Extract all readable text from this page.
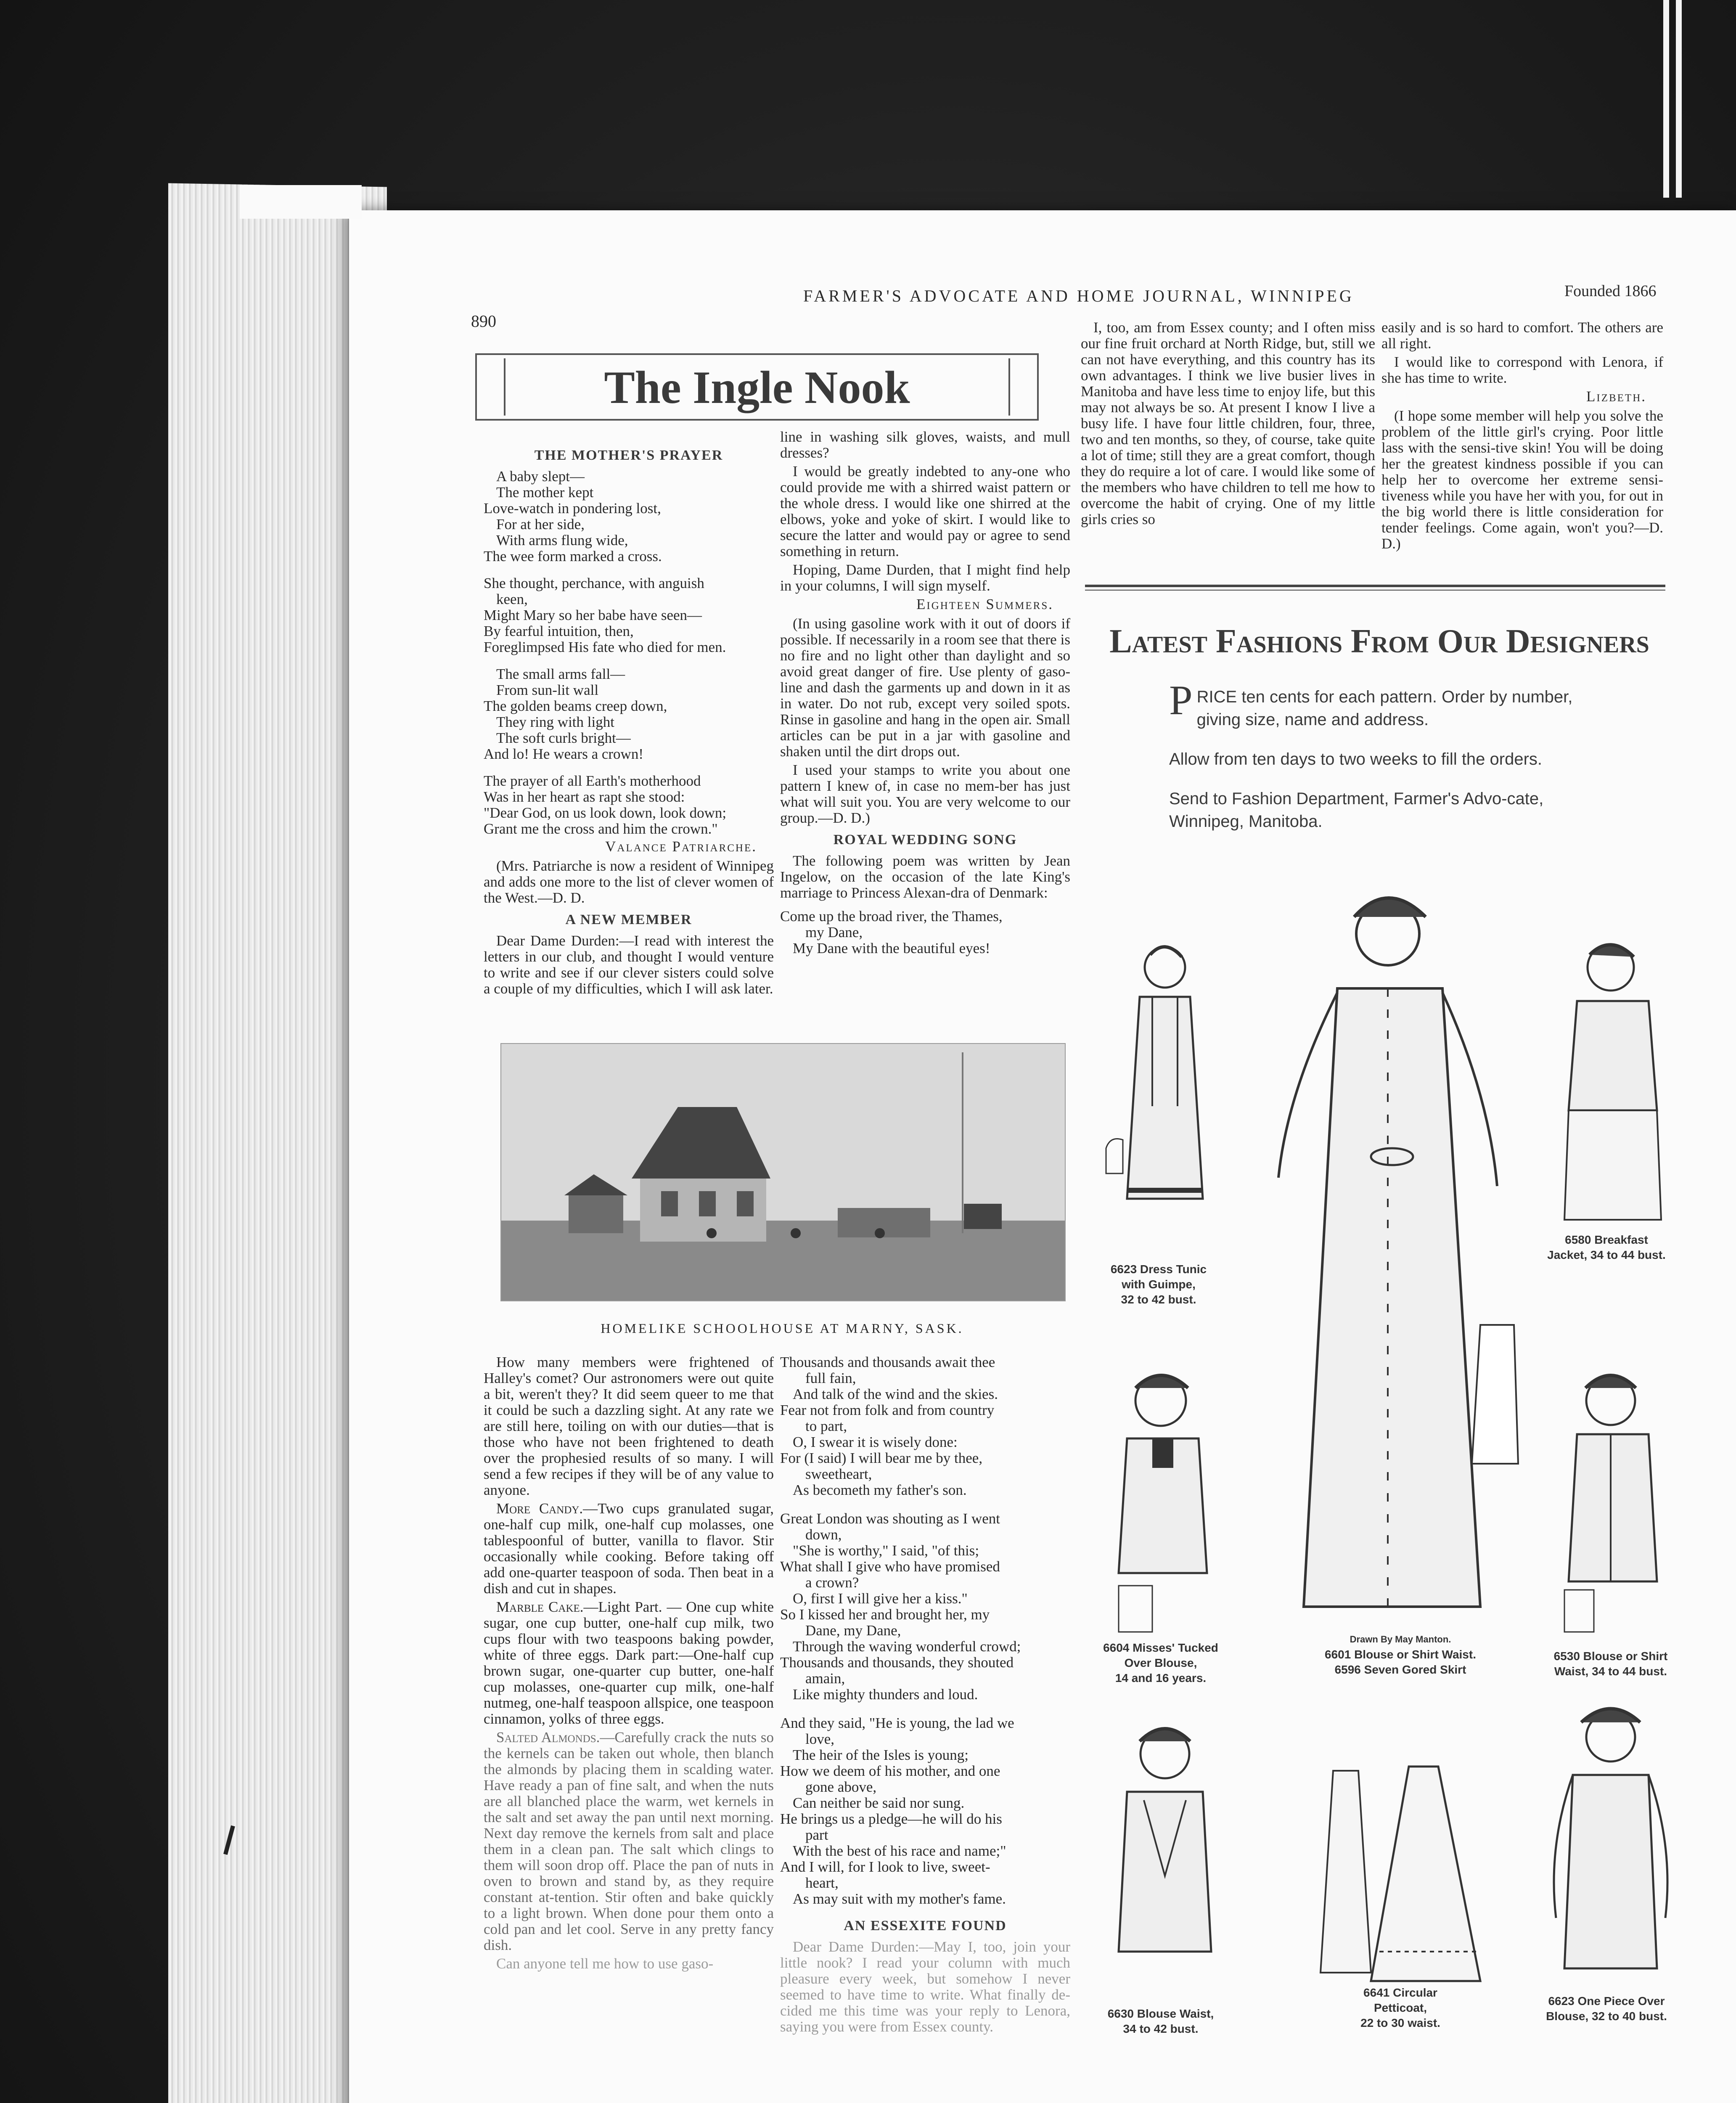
890
FARMER'S ADVOCATE AND HOME JOURNAL, WINNIPEG	Founded 1866
The Ingle Nook
THE MOTHER'S PRAYER
A baby slept—
The mother kept
Love-watch in pondering lost,
For at her side,
With arms flung wide,
The wee form marked a cross.
She thought, perchance, with anguish
keen,
Might Mary so her babe have seen—
By fearful intuition, then,
Foreglimpsed His fate who died for men.
The small arms fall—
From sun-lit wall
The golden beams creep down,
They ring with light
The soft curls bright—
And lo! He wears a crown!
The prayer of all Earth's motherhood
Was in her heart as rapt she stood:
"Dear God, on us look down, look down;
Grant me the cross and him the crown."
Valance Patriarche.

(Mrs. Patriarche is now a resident of Winnipeg and adds one more to the list of clever women of the West.—D. D.

A NEW MEMBER

Dear Dame Durden:—I read with interest the letters in our club, and thought I would venture to write and see if our clever sisters could solve a couple of my difficulties, which I will ask later.

line in washing silk gloves, waists, and mull dresses?

I would be greatly indebted to any-one who could provide me with a shirred waist pattern or the whole dress. I would like one shirred at the elbows, yoke and yoke of skirt. I would like to secure the latter and would pay or agree to send something in return.

Hoping, Dame Durden, that I might find help in your columns, I will sign myself.

Eighteen Summers.

(In using gasoline work with it out of doors if possible. If necessarily in a room see that there is no fire and no light other than daylight and so avoid great danger of fire. Use plenty of gaso-line and dash the garments up and down in it as in water. Do not rub, except very soiled spots. Rinse in gasoline and hang in the open air. Small articles can be put in a jar with gasoline and shaken until the dirt drops out.

I used your stamps to write you about one pattern I knew of, in case no mem-ber has just what will suit you. You are very welcome to our group.—D. D.)

ROYAL WEDDING SONG

The following poem was written by Jean Ingelow, on the occasion of the late King's marriage to Princess Alexan-dra of Denmark:

Come up the broad river, the Thames,
my Dane,
My Dane with the beautiful eyes!
HOMELIKE SCHOOLHOUSE AT MARNY, SASK.

How many members were frightened of Halley's comet? Our astronomers were out quite a bit, weren't they? It did seem queer to me that it could be such a dazzling sight. At any rate we are still here, toiling on with our duties—that is those who have not been frightened to death over the prophesied results of so many. I will send a few recipes if they will be of any value to anyone.

More Candy.—Two cups granulated sugar, one-half cup milk, one-half cup molasses, one tablespoonful of butter, vanilla to flavor. Stir occasionally while cooking. Before taking off add one-quarter teaspoon of soda. Then beat in a dish and cut in shapes.

Marble Cake.—Light Part. — One cup white sugar, one cup butter, one-half cup milk, two cups flour with two teaspoons baking powder, white of three eggs. Dark part:—One-half cup brown sugar, one-quarter cup butter, one-half cup molasses, one-quarter cup milk, one-half nutmeg, one-half teaspoon allspice, one teaspoon cinnamon, yolks of three eggs.

Salted Almonds.—Carefully crack the nuts so the kernels can be taken out whole, then blanch the almonds by placing them in scalding water. Have ready a pan of fine salt, and when the nuts are all blanched place the warm, wet kernels in the salt and set away the pan until next morning. Next day remove the kernels from salt and place them in a clean pan. The salt which clings to them will soon drop off. Place the pan of nuts in oven to brown and stand by, as they require constant at-tention. Stir often and bake quickly to a light brown. When done pour them onto a cold pan and let cool. Serve in any pretty fancy dish.

Can anyone tell me how to use gaso-

Thousands and thousands await thee
full fain,
And talk of the wind and the skies.
Fear not from folk and from country
to part,
O, I swear it is wisely done:
For (I said) I will bear me by thee,
sweetheart,
As becometh my father's son.
Great London was shouting as I went
down,
"She is worthy," I said, "of this;
What shall I give who have promised
a crown?
O, first I will give her a kiss."
So I kissed her and brought her, my
Dane, my Dane,
Through the waving wonderful crowd;
Thousands and thousands, they shouted
amain,
Like mighty thunders and loud.
And they said, "He is young, the lad we
love,
The heir of the Isles is young;
How we deem of his mother, and one
gone above,
Can neither be said nor sung.
He brings us a pledge—he will do his
part
With the best of his race and name;"
And I will, for I look to live, sweet-
heart,
As may suit with my mother's fame.
AN ESSEXITE FOUND

Dear Dame Durden:—May I, too, join your little nook? I read your column with much pleasure every week, but somehow I never seemed to have time to write. What finally de-cided me this time was your reply to Lenora, saying you were from Essex county.

I, too, am from Essex county; and I often miss our fine fruit orchard at North Ridge, but, still we can not have everything, and this country has its own advantages. I think we live busier lives in Manitoba and have less time to enjoy life, but this may not always be so. At present I know I live a busy life. I have four little children, four, three, two and ten months, so they, of course, take quite a lot of time; still they are a great comfort, though they do require a lot of care. I would like some of the members who have children to tell me how to overcome the habit of crying. One of my little girls cries so

easily and is so hard to comfort. The others are all right.

I would like to correspond with Lenora, if she has time to write.

Lizbeth.

(I hope some member will help you solve the problem of the little girl's crying. Poor little lass with the sensi-tive skin! You will be doing her the greatest kindness possible if you can help her to overcome her extreme sensi-tiveness while you have her with you, for out in the big world there is little consideration for tender feelings. Come again, won't you?—D. D.)

Latest Fashions From Our Designers

PRICE ten cents for each pattern. Order by number, giving size, name and address.

Allow from ten days to two weeks to fill the orders.

Send to Fashion Department, Farmer's Advo-cate, Winnipeg, Manitoba.

6623 Dress Tunic
with Guimpe,
32 to 42 bust.
Drawn By May Manton.
6601 Blouse or Shirt Waist.
6596 Seven Gored Skirt
6580 Breakfast
Jacket, 34 to 44 bust.
6604 Misses' Tucked
Over Blouse,
14 and 16 years.
6530 Blouse or Shirt
Waist, 34 to 44 bust.
6630 Blouse Waist,
34 to 42 bust.
6641 Circular
Petticoat,
22 to 30 waist.
6623 One Piece Over
Blouse, 32 to 40 bust.
